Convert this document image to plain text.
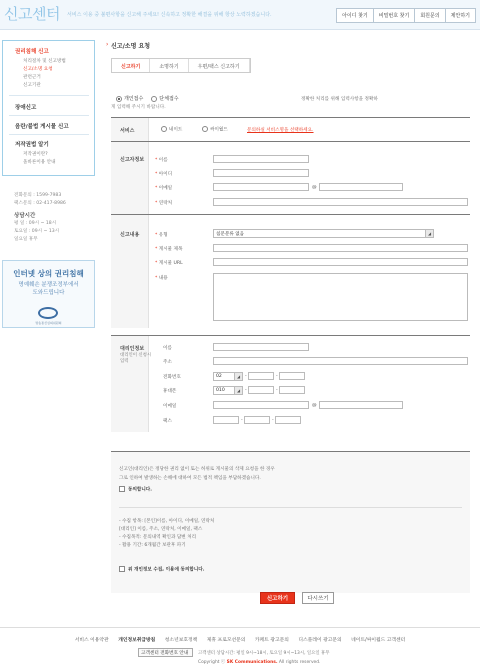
신고센터 서비스 이용 중 불편사항을 신고해 주세요! 신속하고 정확한 해결을 위해 항상 노력하겠습니다.	아이디 찾기	비밀번호 찾기	회원문의	제안하기
권리침해 신고
처리절차 및 신고방법
신고/소명 요청
관련근거
신고기관
장애신고
음란/불법 게시물 신고
저작권법 알기
저작권이란?
올바른이용 안내
전화문의 : 1599-7983
팩스문의 : 02-417-8986
상담시간
평 일 : 09시 ~ 18시
토요일 : 09시 ~ 13시
일요일 휴무
인터넷 상의 권리침해
명예훼손 분쟁조정부에서
도와드립니다
방송통신심의위원회
› 신고/소명 요청
신고하기	소명하기	우편/팩스 신고하기
개인접수	단체접수	정확한 처리를 위해 입력사항을 정확하
게 입력해 주시기 바랍니다.
서비스	네이트	싸이월드	문의하실 서비스명을 선택하세요.
신고자정보 * 이름
* 아이디
* 이메일	@
* 연락처
신고내용	* 유형	침문분류 없음	◢
* 게시물 제목
* 게시물 URL
* 내용
대리인정보
대리인이 신청시
입력
이름
주소
전화번호	02	◢	-	-
휴대폰	010	◢	-	-
이메일	@
팩스	-	-
신고인(대리인)은 정당한 권리 없이 또는 허위로 게시물의 삭제 요청을 한 경우
그로 인하여 발생하는 손해에 대하여 모든 법적 책임을 부담하겠습니다.
동의합니다.
- 수집 항목: [본인]이름, 아이디, 이메일, 연락처
[대리인] 이름, 주소, 연락처, 이메일, 팩스
- 수집목적: 문의내역 확인과 답변 처리
- 활용 기간: 6개월간 보관후 파기
위 개인정보 수집, 이용에 동의합니다.
신고하기	다시쓰기
서비스 이용약관 개인정보취급방침 청소년보호정책 제휴 프로모션문의 카페트 광고문의 디스플레이 광고문의 네이트/싸이월드 고객센터
고객센터 전화번호 안내	고객센터 상담시간: 평일 9시~18시, 토요일 9시~13시, 일요일 휴무
Copyright ⓒ SK Communications. All rights reserved.
